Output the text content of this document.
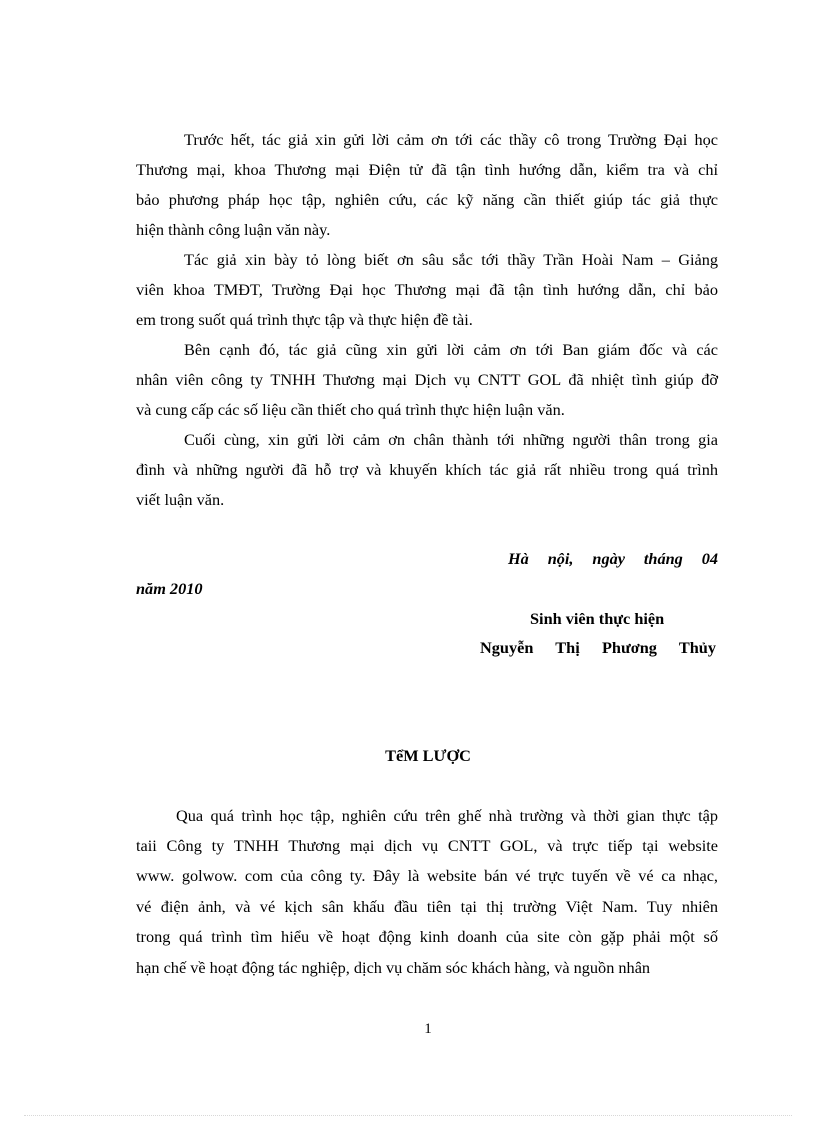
Trước hết, tác giả xin gửi lời cảm ơn tới các thầy cô trong Trường Đại học
Thương mại, khoa Thương mại Điện tử đã tận tình hướng dẫn, kiểm tra và chỉ
bảo phương pháp học tập, nghiên cứu, các kỹ năng cần thiết giúp tác giả thực
hiện thành công luận văn này.
Tác giả xin bày tỏ lòng biết ơn sâu sắc tới thầy Trần Hoài Nam – Giảng
viên khoa TMĐT, Trường Đại học Thương mại đã tận tình hướng dẫn, chỉ bảo
em trong suốt quá trình thực tập và thực hiện đề tài.
Bên cạnh đó, tác giả cũng xin gửi lời cảm ơn tới Ban giám đốc và các
nhân viên công ty TNHH Thương mại Dịch vụ CNTT GOL đã nhiệt tình giúp đỡ
và cung cấp các số liệu cần thiết cho quá trình thực hiện luận văn.
Cuối cùng, xin gửi lời cảm ơn chân thành tới những người thân trong gia
đình và những người đã hỗ trợ và khuyến khích tác giả rất nhiều trong quá trình
viết luận văn.
Hà nội, ngày tháng 04
năm 2010
Sinh viên thực hiện
Nguyễn Thị Phương Thủy
TểM LƯỢC
Qua quá trình học tập, nghiên cứu trên ghế nhà trường và thời gian thực tập
taii Công ty TNHH Thương mại dịch vụ CNTT GOL, và trực tiếp tại website
www. golwow. com của công ty. Đây là website bán vé trực tuyến về vé ca nhạc,
vé điện ảnh, và vé kịch sân khấu đầu tiên tại thị trường Việt Nam. Tuy nhiên
trong quá trình tìm hiểu về hoạt động kinh doanh của site còn gặp phải một số
hạn chế về hoạt động tác nghiệp, dịch vụ chăm sóc khách hàng, và nguồn nhân
1
